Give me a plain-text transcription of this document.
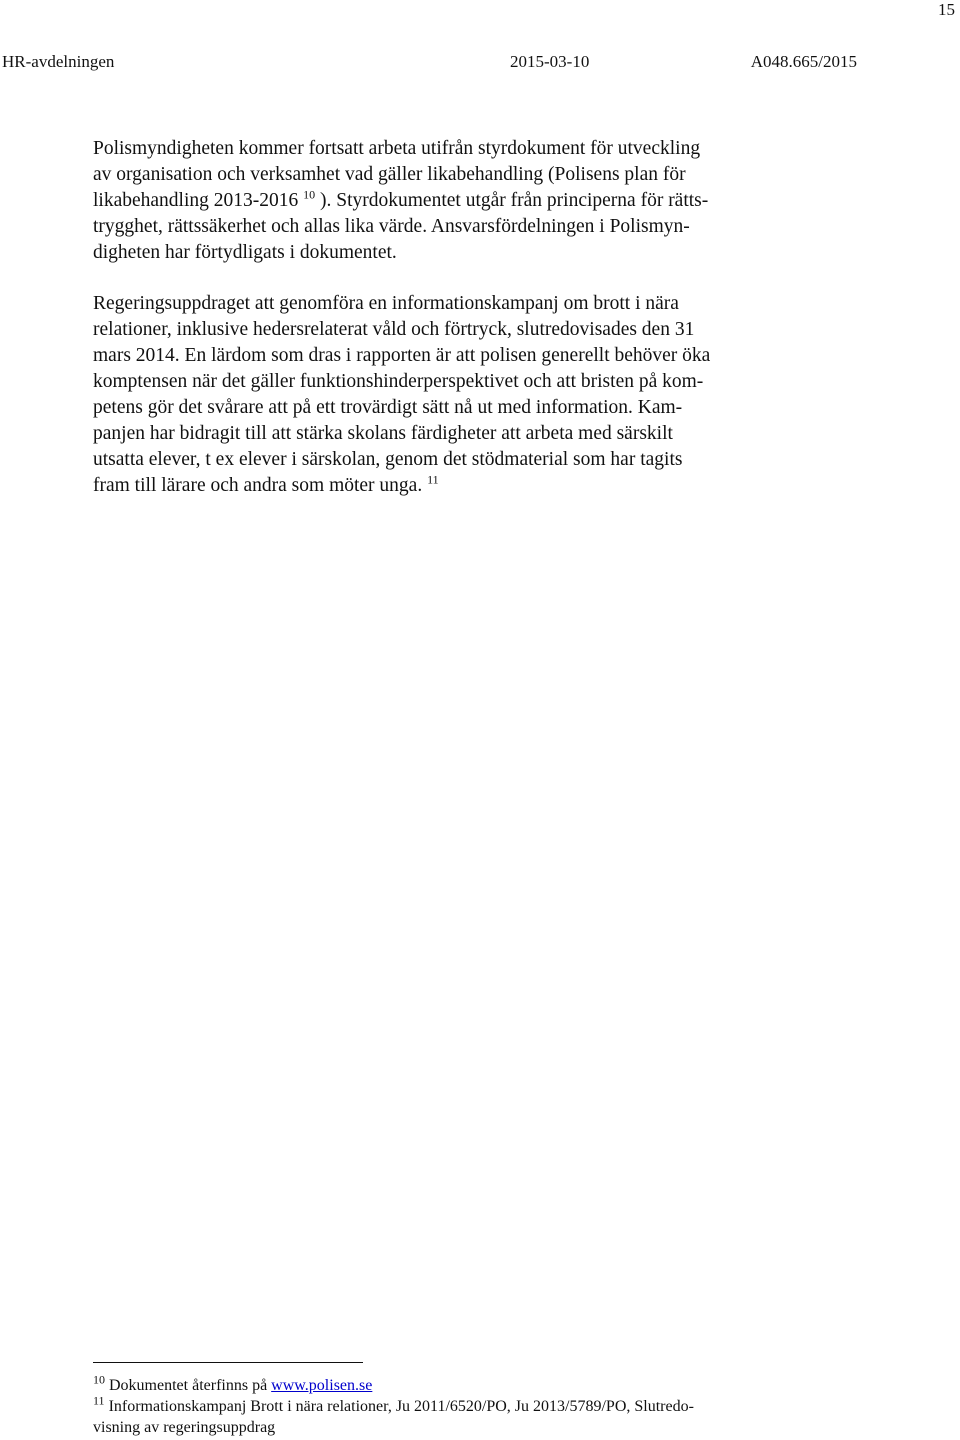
15
HR-avdelningen	2015-03-10	A048.665/2015

Polismyndigheten kommer fortsatt arbeta utifrån styrdokument för utveckling
av organisation och verksamhet vad gäller likabehandling (Polisens plan för
likabehandling 2013-2016 $^{10}$ ). Styrdokumentet utgår från principerna för rätts-
trygghet, rättssäkerhet och allas lika värde. Ansvarsfördelningen i Polismyn-
digheten har förtydligats i dokumentet.

Regeringsuppdraget att genomföra en informationskampanj om brott i nära
relationer, inklusive hedersrelaterat våld och förtryck, slutredovisades den 31
mars 2014. En lärdom som dras i rapporten är att polisen generellt behöver öka
komptensen när det gäller funktionshinderperspektivet och att bristen på kom-
petens gör det svårare att på ett trovärdigt sätt nå ut med information. Kam-
panjen har bidragit till att stärka skolans färdigheter att arbeta med särskilt
utsatta elever, t ex elever i särskolan, genom det stödmaterial som har tagits
fram till lärare och andra som möter unga. $^{11}$

$^{10}$ Dokumentet återfinns på www.polisen.se

$^{11}$ Informationskampanj Brott i nära relationer, Ju 2011/6520/PO, Ju 2013/5789/PO, Slutredo-
visning av regeringsuppdrag
